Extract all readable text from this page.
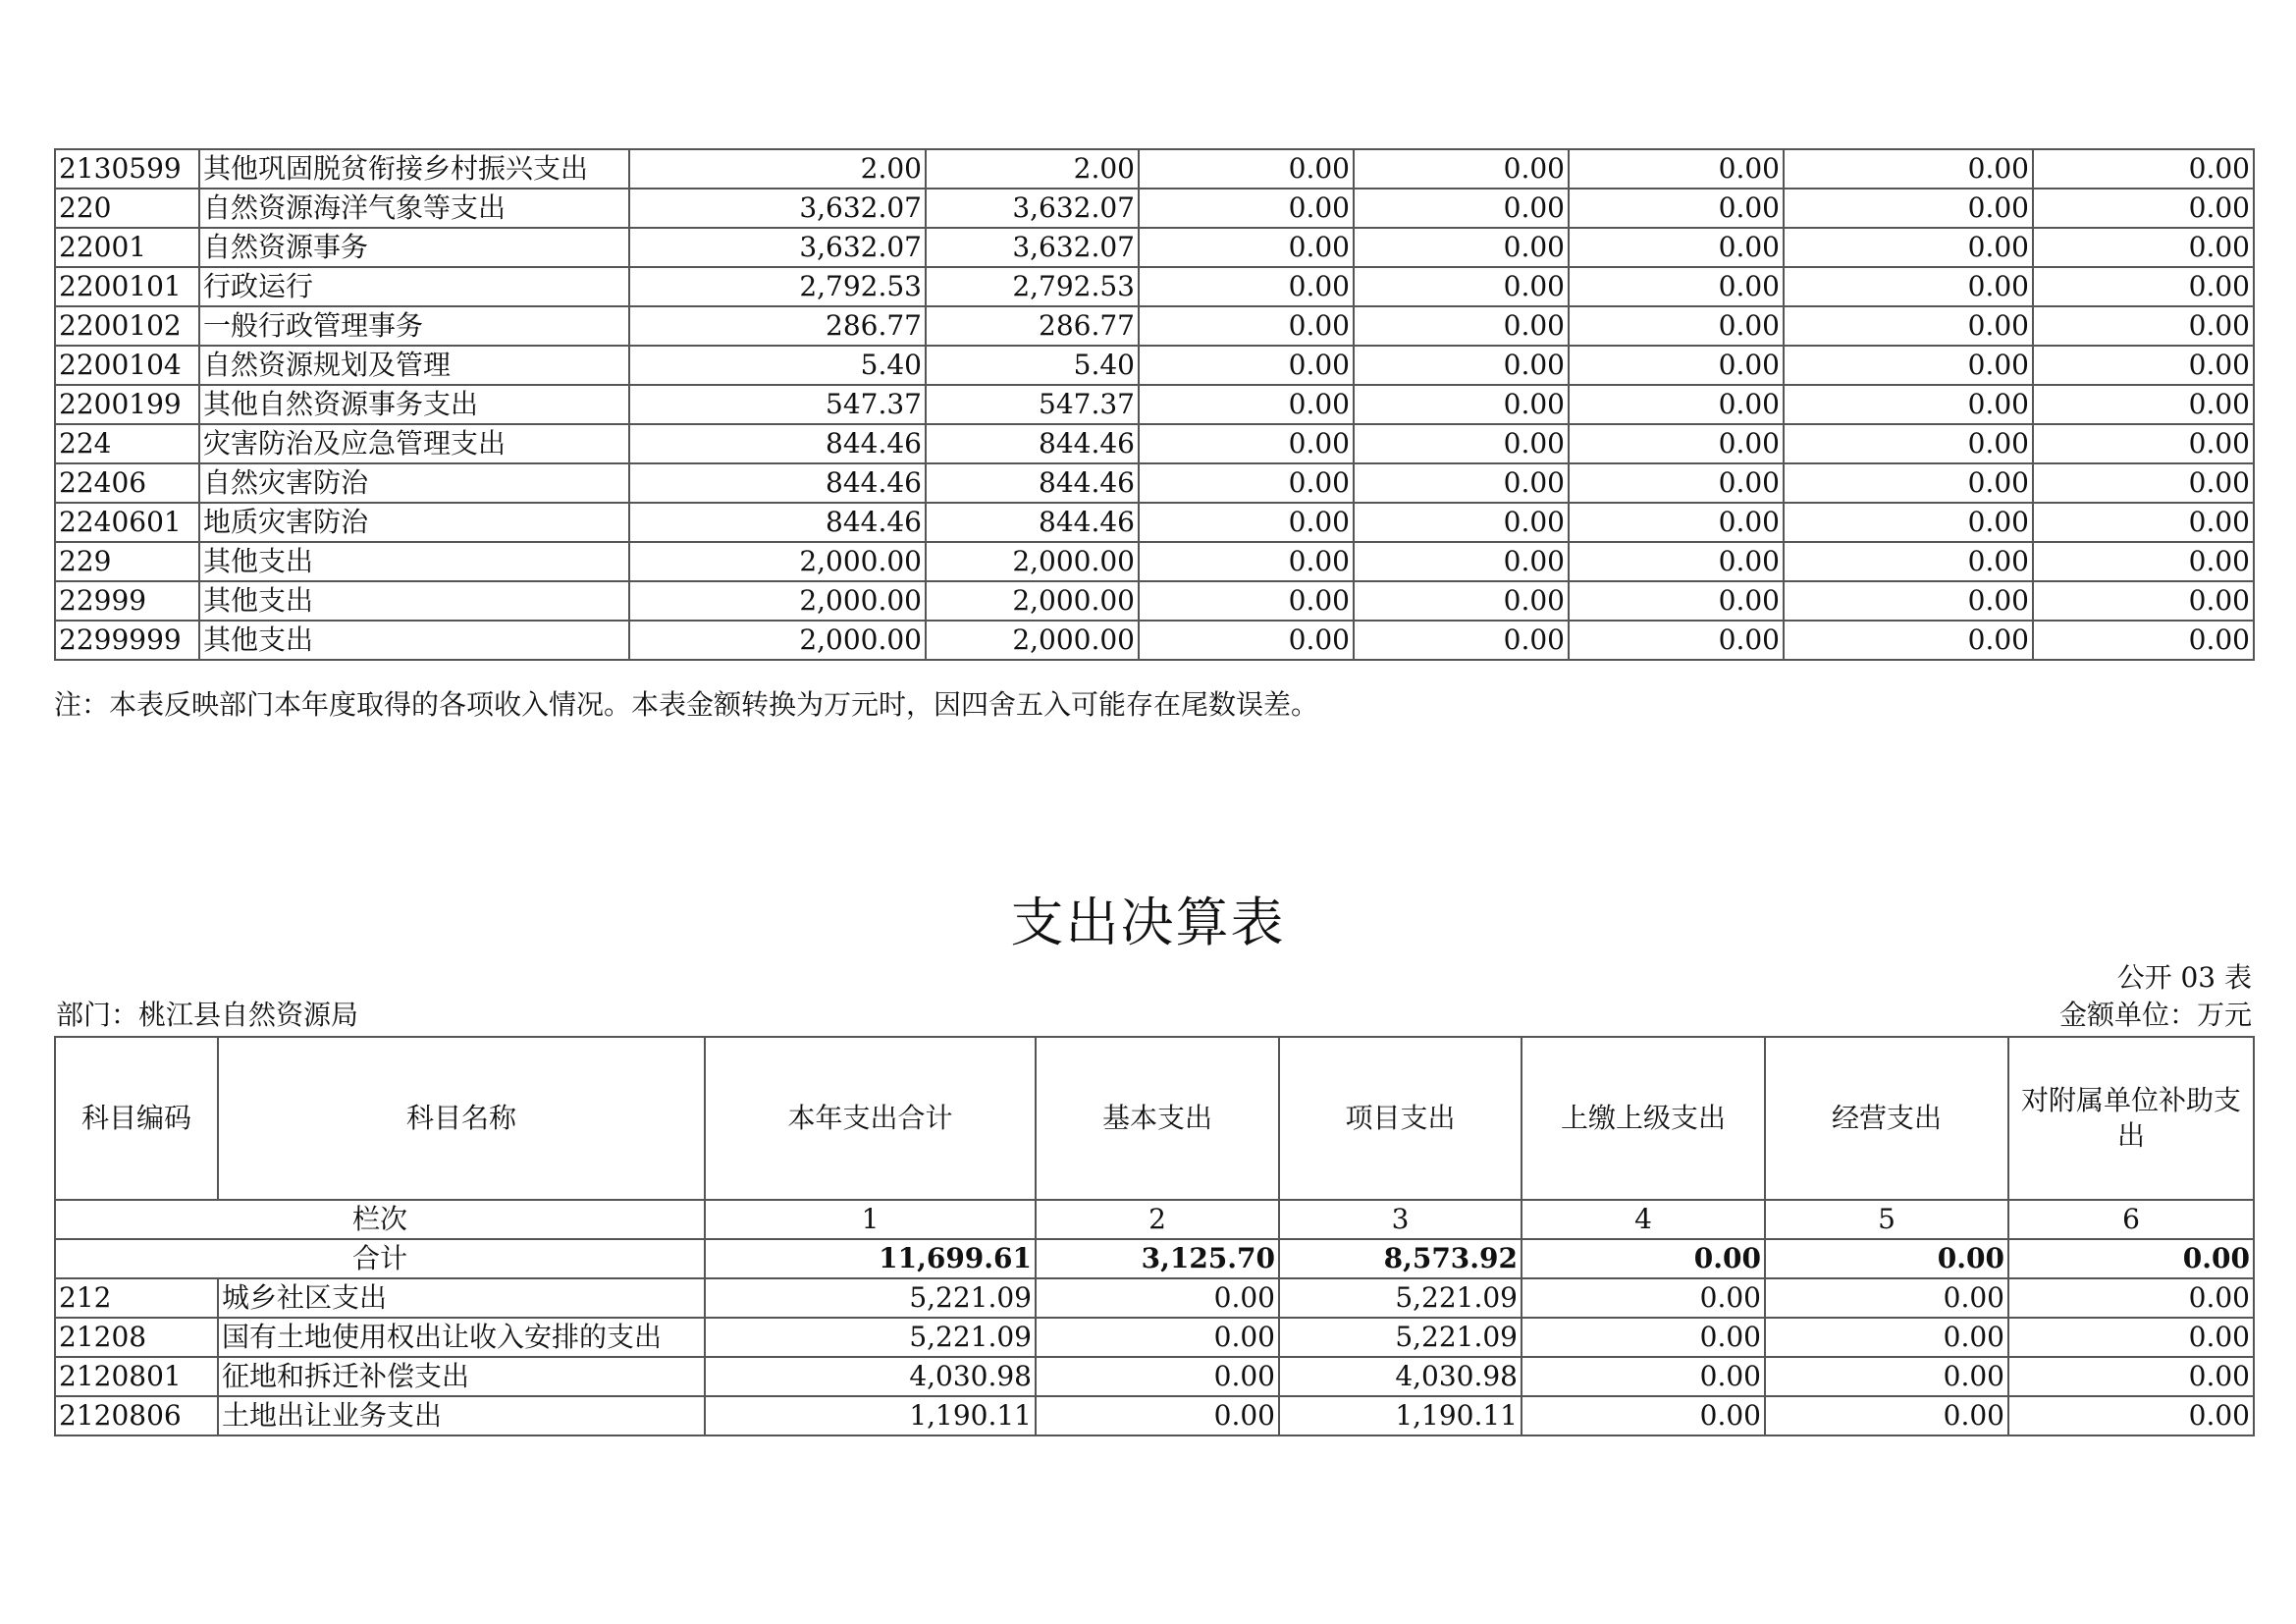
2130599	其他巩固脱贫衔接乡村振兴支出	2.00	2.00	0.00	0.00	0.00	0.00	0.00
220	自然资源海洋气象等支出	3,632.07	3,632.07	0.00	0.00	0.00	0.00	0.00
22001	自然资源事务	3,632.07	3,632.07	0.00	0.00	0.00	0.00	0.00
2200101	行政运行	2,792.53	2,792.53	0.00	0.00	0.00	0.00	0.00
2200102	一般行政管理事务	286.77	286.77	0.00	0.00	0.00	0.00	0.00
2200104	自然资源规划及管理	5.40	5.40	0.00	0.00	0.00	0.00	0.00
2200199	其他自然资源事务支出	547.37	547.37	0.00	0.00	0.00	0.00	0.00
224	灾害防治及应急管理支出	844.46	844.46	0.00	0.00	0.00	0.00	0.00
22406	自然灾害防治	844.46	844.46	0.00	0.00	0.00	0.00	0.00
2240601	地质灾害防治	844.46	844.46	0.00	0.00	0.00	0.00	0.00
229	其他支出	2,000.00	2,000.00	0.00	0.00	0.00	0.00	0.00
22999	其他支出	2,000.00	2,000.00	0.00	0.00	0.00	0.00	0.00
2299999	其他支出	2,000.00	2,000.00	0.00	0.00	0.00	0.00	0.00
注：本表反映部门本年度取得的各项收入情况。本表金额转换为万元时，因四舍五入可能存在尾数误差。
支出决算表
公开 03 表
部门：桃江县自然资源局	金额单位：万元
科目编码	科目名称	本年支出合计	基本支出	项目支出	上缴上级支出	经营支出	对附属单位补助支出
栏次		1	2	3	4	5	6
合计		11,699.61	3,125.70	8,573.92	0.00	0.00	0.00
212	城乡社区支出	5,221.09	0.00	5,221.09	0.00	0.00	0.00
21208	国有土地使用权出让收入安排的支出	5,221.09	0.00	5,221.09	0.00	0.00	0.00
2120801	征地和拆迁补偿支出	4,030.98	0.00	4,030.98	0.00	0.00	0.00
2120806	土地出让业务支出	1,190.11	0.00	1,190.11	0.00	0.00	0.00
